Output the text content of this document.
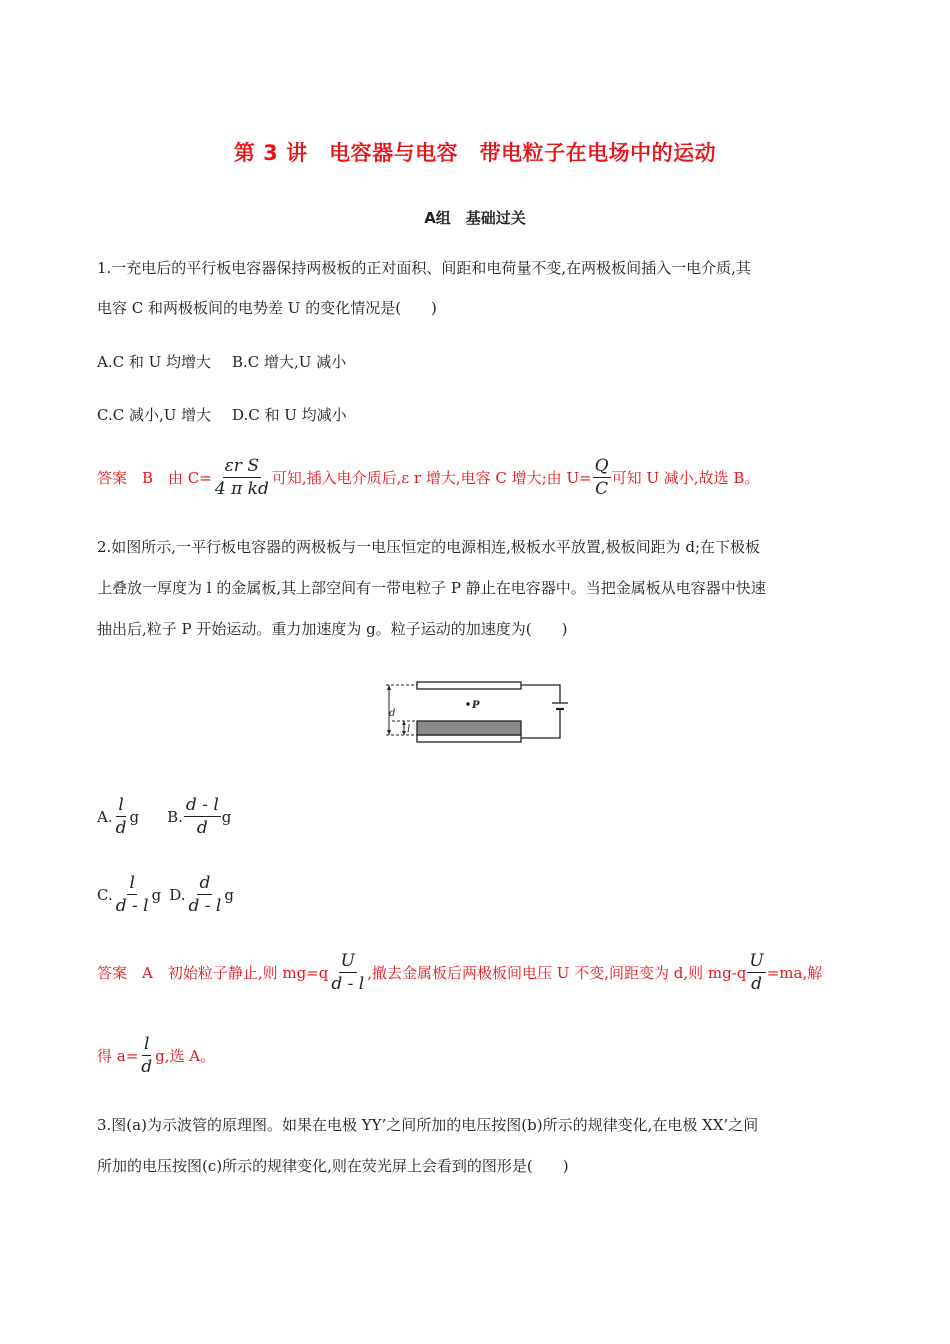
第 3 讲　电容器与电容　带电粒子在电场中的运动
A组　基础过关
1.一充电后的平行板电容器保持两极板的正对面积、间距和电荷量不变,在两极板间插入一电介质,其
电容 C 和两极板间的电势差 U 的变化情况是(　　)
A.C 和 U 均增大 B.C 增大,U 减小
C.C 减小,U 增大 D.C 和 U 均减小
答案　B　由 $C= \frac{\text{εr S}}{\text{4 π kd}}$ 可知,插入电介质后,ε r 增大,电容 C 增大;由 $U= \frac{Q}{C}$ 可知 U 减小,故选 B。
2.如图所示,一平行板电容器的两极板与一电压恒定的电源相连,极板水平放置,极板间距为 d;在下极板
上叠放一厚度为 l 的金属板,其上部空间有一带电粒子 P 静止在电容器中。当把金属板从电容器中快速
抽出后,粒子 P 开始运动。重力加速度为 g。粒子运动的加速度为(　　)
P
d
l
A. $\frac{l}{d}$ g B. $\frac{d - l}{d}$ g
C. $\frac{l}{d - l}$ g D. $\frac{d}{d - l}$ g
答案　A　初始粒子静止,则 $mg=q \frac{U}{d - l}$ ,撤去金属板后两极板间电压 U 不变,间距变为 d,则 $mg-q \frac{U}{d} =ma$,解
得 $a= \frac{l}{d} g$,选 A。
3.图(a)为示波管的原理图。如果在电极 YY’之间所加的电压按图(b)所示的规律变化,在电极 XX’之间
所加的电压按图(c)所示的规律变化,则在荧光屏上会看到的图形是(　　)
